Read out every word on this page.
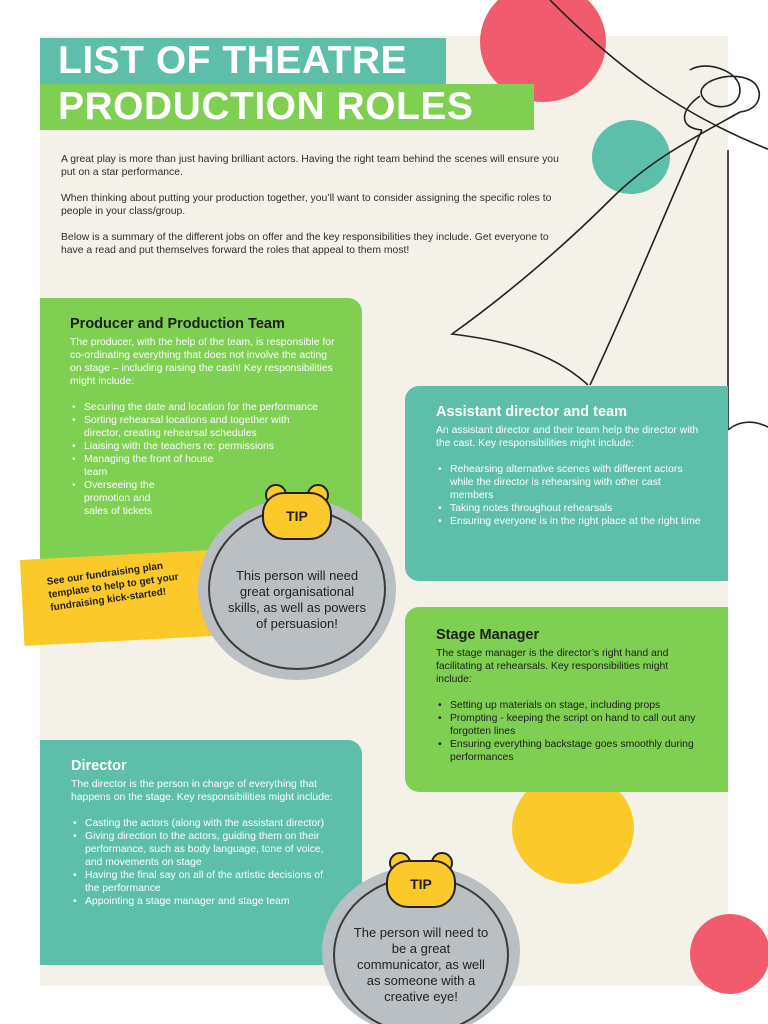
LIST OF THEATRE
PRODUCTION ROLES

A great play is more than just having brilliant actors. Having the right team behind the scenes will ensure you put on a star performance.

When thinking about putting your production together, you’ll want to consider assigning the specific roles to people in your class/group.

Below is a summary of the different jobs on offer and the key responsibilities they include. Get everyone to have a read and put themselves forward the roles that appeal to them most!

Producer and Production Team

The producer, with the help of the team, is responsible for co-ordinating everything that does not involve the acting on stage – including raising the cash! Key responsibilities might include:

• Securing the date and location for the performance
• Sorting rehearsal locations and together with director, creating rehearsal schedules
• Liaising with the teachers re: permissions
• Managing the front of house team
• Overseeing the promotion and sales of tickets
Assistant director and team

An assistant director and their team help the director with the cast. Key responsibilities might include:

• Rehearsing alternative scenes with different actors while the director is rehearsing with other cast members
• Taking notes throughout rehearsals
• Ensuring everyone is in the right place at the right time
Stage Manager

The stage manager is the director’s right hand and facilitating at rehearsals. Key responsibilities might include:

• Setting up materials on stage, including props
• Prompting - keeping the script on hand to call out any forgotten lines
• Ensuring everything backstage goes smoothly during performances
Director

The director is the person in charge of everything that happens on the stage. Key responsibilities might include:

• Casting the actors (along with the assistant director)
• Giving direction to the actors, guiding them on their performance, such as body language, tone of voice, and movements on stage
• Having the final say on all of the artistic decisions of the performance
• Appointing a stage manager and stage team
See our fundraising plan template to help to get your fundraising kick-started!
This person will need great organisational skills, as well as powers of persuasion!
TIP
The person will need to be a great communicator, as well as someone with a creative eye!
TIP
